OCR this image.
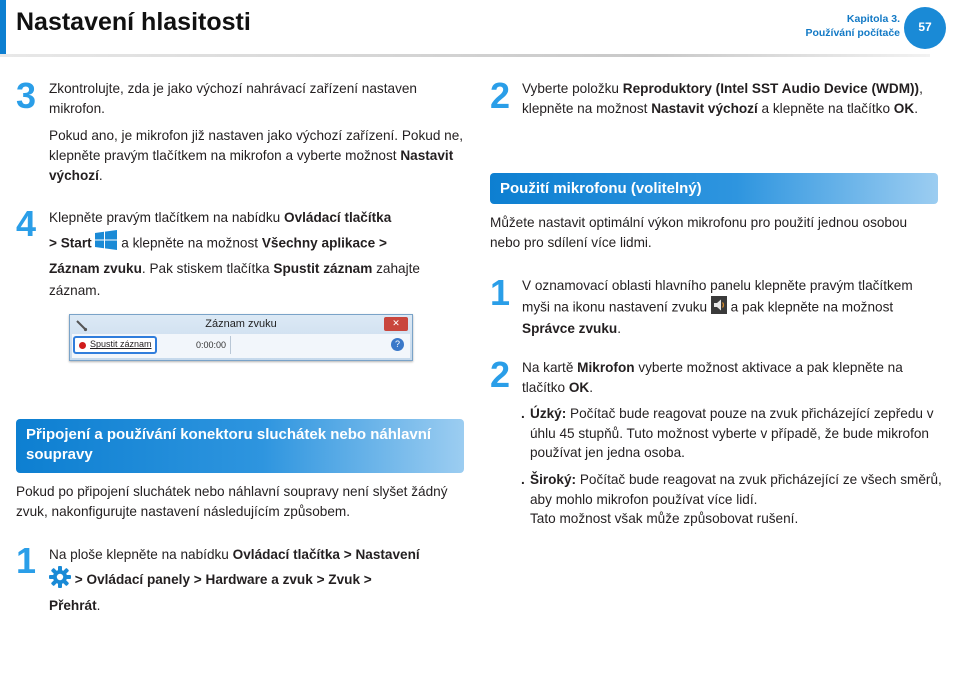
Nastavení hlasitosti	Kapitola 3.
Používání počítače	57
3 Zkontrolujte, zda je jako výchozí nahrávací zařízení nastaven mikrofon.

Pokud ano, je mikrofon již nastaven jako výchozí zařízení. Pokud ne, klepněte pravým tlačítkem na mikrofon a vyberte možnost Nastavit výchozí.

4 Klepněte pravým tlačítkem na nabídku Ovládací tlačítka
> Start  a klepněte na možnost Všechny aplikace >
Záznam zvuku. Pak stiskem tlačítka Spustit záznam zahajte záznam.
Záznam zvuku	✕
Spustit záznam	0:00:00	?
Připojení a používání konektoru sluchátek nebo náhlavní soupravy
Pokud po připojení sluchátek nebo náhlavní soupravy není slyšet žádný zvuk, nakonfigurujte nastavení následujícím způsobem.
1 Na ploše klepněte na nabídku Ovládací tlačítka > Nastavení
> Ovládací panely > Hardware a zvuk > Zvuk >
Přehrát.
2 Vyberte položku Reproduktory (Intel SST Audio Device (WDM)), klepněte na možnost Nastavit výchozí a klepněte na tlačítko OK.
Použití mikrofonu (volitelný)
Můžete nastavit optimální výkon mikrofonu pro použití jednou osobou nebo pro sdílení více lidmi.
1 V oznamovací oblasti hlavního panelu klepněte pravým tlačítkem myši na ikonu nastavení zvuku  a pak klepněte na možnost Správce zvuku.
2 Na kartě Mikrofon vyberte možnost aktivace a pak klepněte na tlačítko OK.
. Úzký: Počítač bude reagovat pouze na zvuk přicházející zepředu v úhlu 45 stupňů. Tuto možnost vyberte v případě, že bude mikrofon používat jen jedna osoba.
. Široký: Počítač bude reagovat na zvuk přicházející ze všech směrů, aby mohlo mikrofon používat více lidí.
Tato možnost však může způsobovat rušení.
